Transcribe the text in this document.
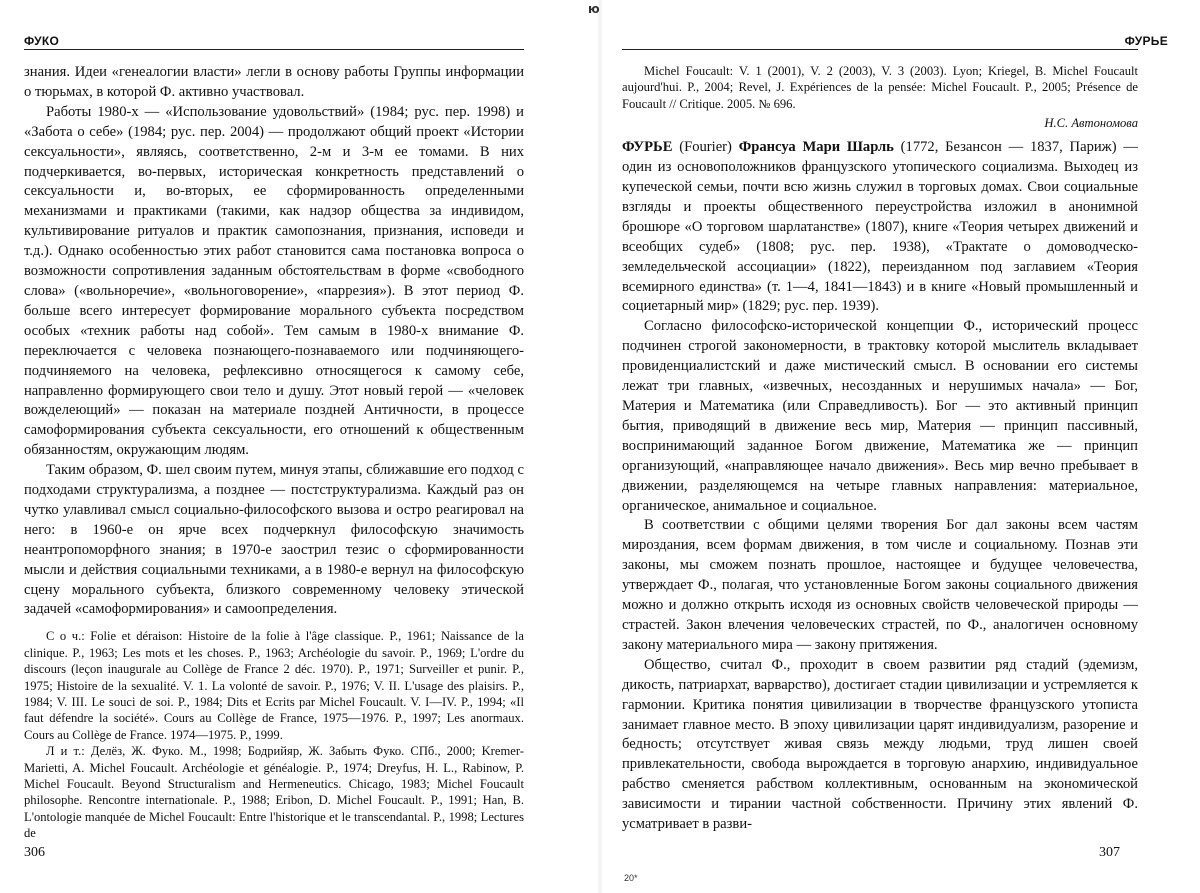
ю
ФУКО

знания. Идеи «генеалогии власти» легли в основу работы Группы информации о тюрьмах, в которой Ф. активно участвовал.

Работы 1980-х — «Использование удовольствий» (1984; рус. пер. 1998) и «Забота о себе» (1984; рус. пер. 2004) — продолжают общий проект «Истории сексуальности», являясь, соответственно, 2-м и 3-м ее томами. В них подчеркивается, во-первых, историческая конкретность представлений о сексуальности и, во-вторых, ее сформированность определенными механизмами и практиками (такими, как надзор общества за индивидом, культивирование ритуалов и практик самопознания, признания, исповеди и т.д.). Однако особенностью этих работ становится сама постановка вопроса о возможности сопротивления заданным обстоятельствам в форме «свободного слова» («вольноречие», «вольноговорение», «паррезия»). В этот период Ф. больше всего интересует формирование морального субъекта посредством особых «техник работы над собой». Тем самым в 1980-х внимание Ф. переключается с человека познающего-познаваемого или подчиняющего-подчиняемого на человека, рефлексивно относящегося к самому себе, направленно формирующего свои тело и душу. Этот новый герой — «человек вожделеющий» — показан на материале поздней Античности, в процессе самоформирования субъекта сексуальности, его отношений к общественным обязанностям, окружающим людям.

Таким образом, Ф. шел своим путем, минуя этапы, сближавшие его подход с подходами структурализма, а позднее — постструктурализма. Каждый раз он чутко улавливал смысл социально-философского вызова и остро реагировал на него: в 1960-е он ярче всех подчеркнул философскую значимость неантропоморфного знания; в 1970-е заострил тезис о сформированности мысли и действия социальными техниками, а в 1980-е вернул на философскую сцену морального субъекта, близкого современному человеку этической задачей «самоформирования» и самоопределения.

С о ч.: Folie et déraison: Histoire de la folie à l'âge classique. P., 1961; Naissance de la clinique. P., 1963; Les mots et les choses. P., 1963; Archéologie du savoir. P., 1969; L'ordre du discours (leçon inaugurale au Collège de France 2 déc. 1970). P., 1971; Surveiller et punir. P., 1975; Histoire de la sexualité. V. 1. La volonté de savoir. P., 1976; V. II. L'usage des plaisirs. P., 1984; V. III. Le souci de soi. P., 1984; Dits et Ecrits par Michel Foucault. V. I—IV. P., 1994; «Il faut défendre la société». Cours au Collège de France, 1975—1976. P., 1997; Les anormaux. Cours au Collège de France. 1974—1975. P., 1999.

Л и т.: Делёз, Ж. Фуко. М., 1998; Бодрийяр, Ж. Забыть Фуко. СПб., 2000; Kremer-Marietti, A. Michel Foucault. Archéologie et généalogie. P., 1974; Dreyfus, H. L., Rabinow, P. Michel Foucault. Beyond Structuralism and Hermeneutics. Chicago, 1983; Michel Foucault philosophe. Rencontre internationale. P., 1988; Eribon, D. Michel Foucault. P., 1991; Han, B. L'ontologie manquée de Michel Foucault: Entre l'historique et le transcendantal. P., 1998; Lectures de

306
ФУРЬЕ

Michel Foucault: V. 1 (2001), V. 2 (2003), V. 3 (2003). Lyon; Kriegel, B. Michel Foucault aujourd'hui. P., 2004; Revel, J. Expériences de la pensée: Michel Foucault. P., 2005; Présence de Foucault // Critique. 2005. № 696.

Н.С. Автономова

ФУРЬЕ (Fourier) Франсуа Мари Шарль (1772, Безансон — 1837, Париж) — один из основоположников французского утопического социализма. Выходец из купеческой семьи, почти всю жизнь служил в торговых домах. Свои социальные взгляды и проекты общественного переустройства изложил в анонимной брошюре «О торговом шарлатанстве» (1807), книге «Теория четырех движений и всеобщих судеб» (1808; рус. пер. 1938), «Трактате о домоводческо-земледельческой ассоциации» (1822), переизданном под заглавием «Теория всемирного единства» (т. 1—4, 1841—1843) и в книге «Новый промышленный и социетарный мир» (1829; рус. пер. 1939).

Согласно философско-исторической концепции Ф., исторический процесс подчинен строгой закономерности, в трактовку которой мыслитель вкладывает провиденциалистский и даже мистический смысл. В основании его системы лежат три главных, «извечных, несозданных и нерушимых начала» — Бог, Материя и Математика (или Справедливость). Бог — это активный принцип бытия, приводящий в движение весь мир, Материя — принцип пассивный, воспринимающий заданное Богом движение, Математика же — принцип организующий, «направляющее начало движения». Весь мир вечно пребывает в движении, разделяющемся на четыре главных направления: материальное, органическое, анимальное и социальное.

В соответствии с общими целями творения Бог дал законы всем частям мироздания, всем формам движения, в том числе и социальному. Познав эти законы, мы сможем познать прошлое, настоящее и будущее человечества, утверждает Ф., полагая, что установленные Богом законы социального движения можно и должно открыть исходя из основных свойств человеческой природы — страстей. Закон влечения человеческих страстей, по Ф., аналогичен основному закону материального мира — закону притяжения.

Общество, считал Ф., проходит в своем развитии ряд стадий (эдемизм, дикость, патриархат, варварство), достигает стадии цивилизации и устремляется к гармонии. Критика понятия цивилизации в творчестве французского утописта занимает главное место. В эпоху цивилизации царят индивидуализм, разорение и бедность; отсутствует живая связь между людьми, труд лишен своей привлекательности, свобода вырождается в торговую анархию, индивидуальное рабство сменяется рабством коллективным, основанным на экономической зависимости и тирании частной собственности. Причину этих явлений Ф. усматривает в разви-

307
20*
